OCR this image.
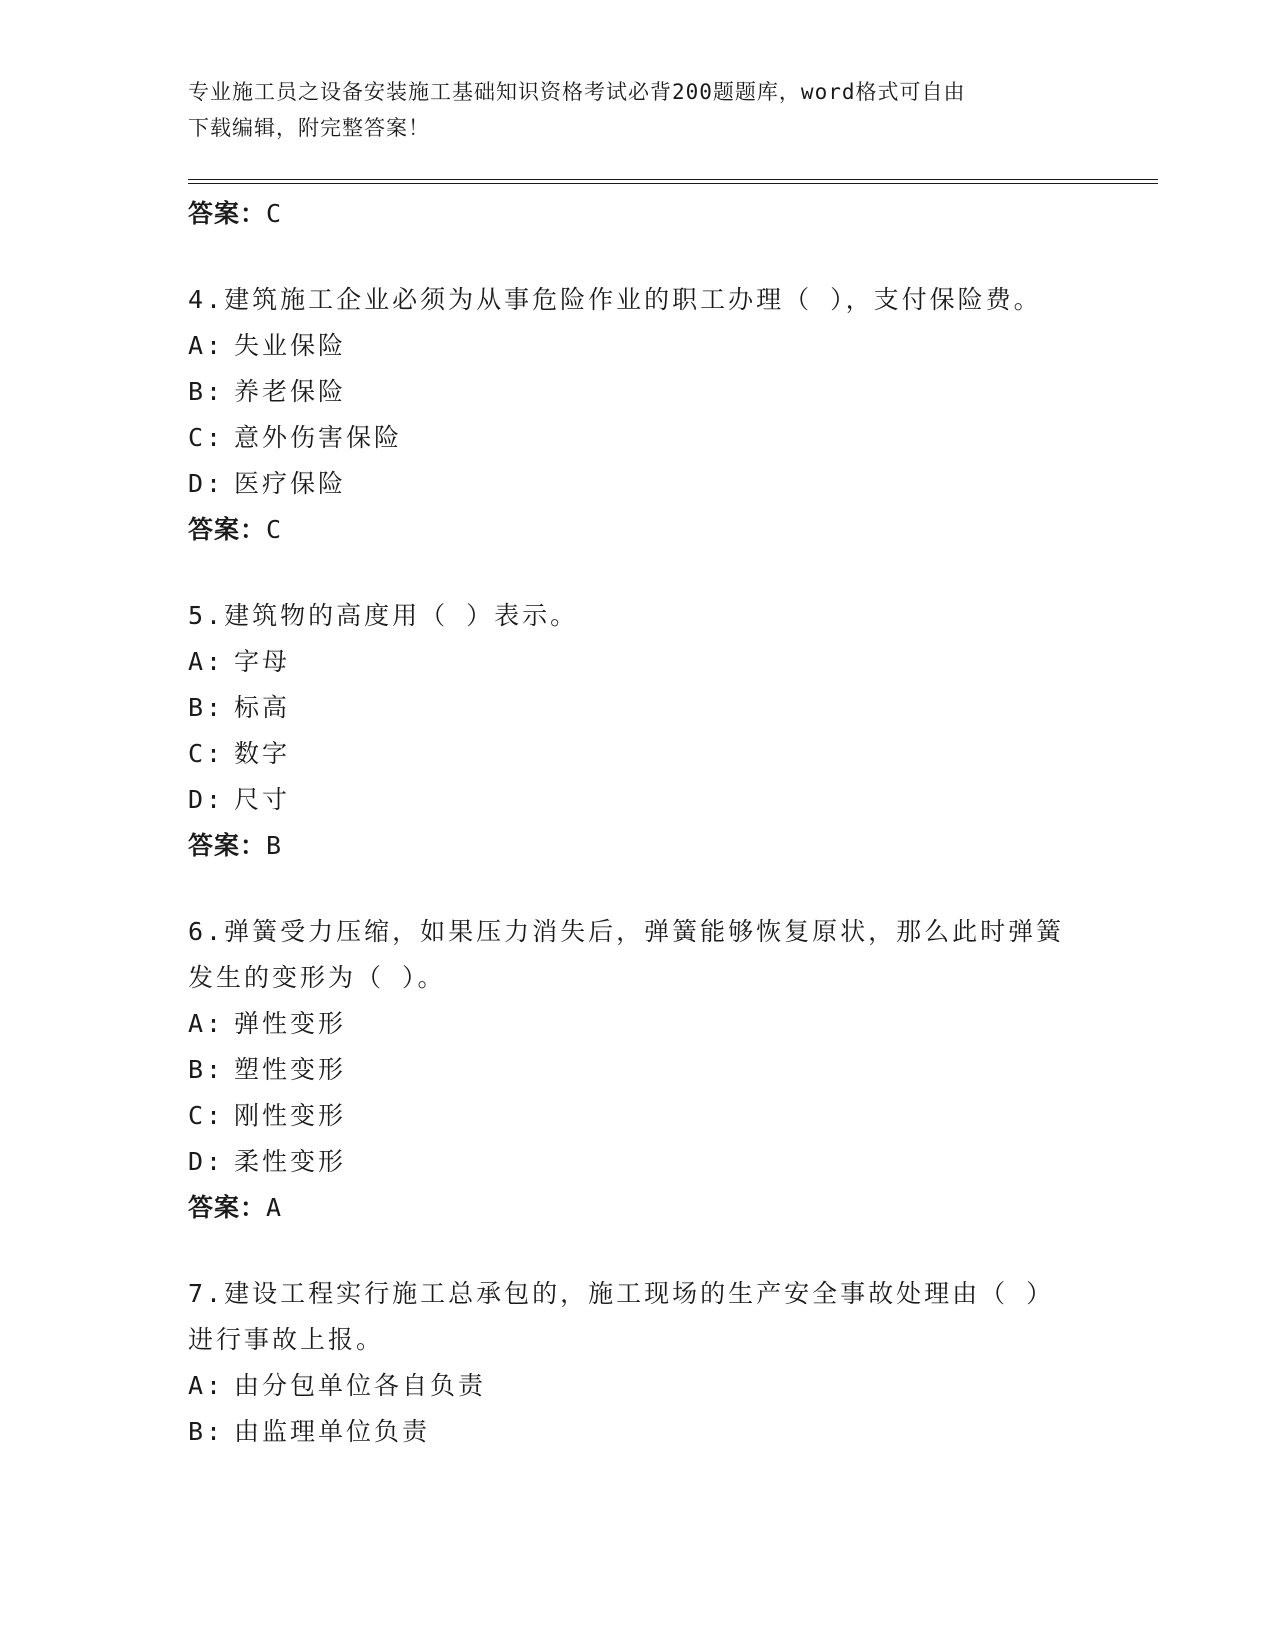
专业施工员之设备安装施工基础知识资格考试必背200题题库，word格式可自由
下载编辑，附完整答案！
答案： C
4.建筑施工企业必须为从事危险作业的职工办理（ ），支付保险费。
A: 失业保险
B: 养老保险
C: 意外伤害保险
D: 医疗保险
答案： C
5.建筑物的高度用（ ）表示。
A: 字母
B: 标高
C: 数字
D: 尺寸
答案： B
6.弹簧受力压缩，如果压力消失后，弹簧能够恢复原状，那么此时弹簧发生的变形为（ ）。
A: 弹性变形
B: 塑性变形
C: 刚性变形
D: 柔性变形
答案： A
7.建设工程实行施工总承包的，施工现场的生产安全事故处理由（ ）进行事故上报。
A: 由分包单位各自负责
B: 由监理单位负责
